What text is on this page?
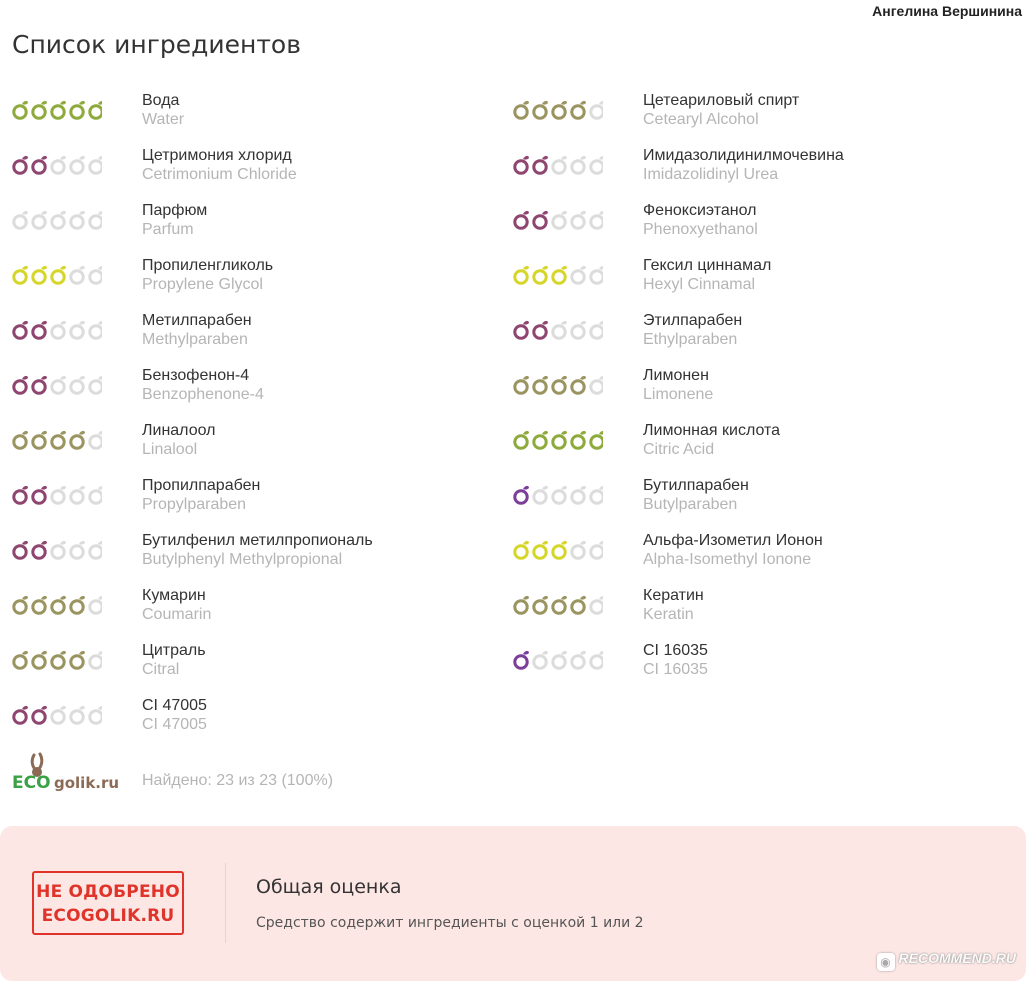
Ангелина Вершинина
Список ингредиентов
Вода
Water
Цетримония хлорид
Cetrimonium Chloride
Парфюм
Parfum
Пропиленгликоль
Propylene Glycol
Метилпарабен
Methylparaben
Бензофенон-4
Benzophenone-4
Линалоол
Linalool
Пропилпарабен
Propylparaben
Бутилфенил метилпропиональ
Butylphenyl Methylpropional
Кумарин
Coumarin
Цитраль
Citral
CI 47005
CI 47005
Цетеариловый спирт
Cetearyl Alcohol
Имидазолидинилмочевина
Imidazolidinyl Urea
Феноксиэтанол
Phenoxyethanol
Гексил циннамал
Hexyl Cinnamal
Этилпарабен
Ethylparaben
Лимонен
Limonene
Лимонная кислота
Citric Acid
Бутилпарабен
Butylparaben
Альфа-Изометил Ионон
Alpha-Isomethyl Ionone
Кератин
Keratin
CI 16035
CI 16035
ECO golik.ru Найдено: 23 из 23 (100%)
НЕ ОДОБРЕНО
ECOGOLIK.RU
Общая оценка
Средство содержит ингредиенты с оценкой 1 или 2
◉ RECOMMEND.RU
